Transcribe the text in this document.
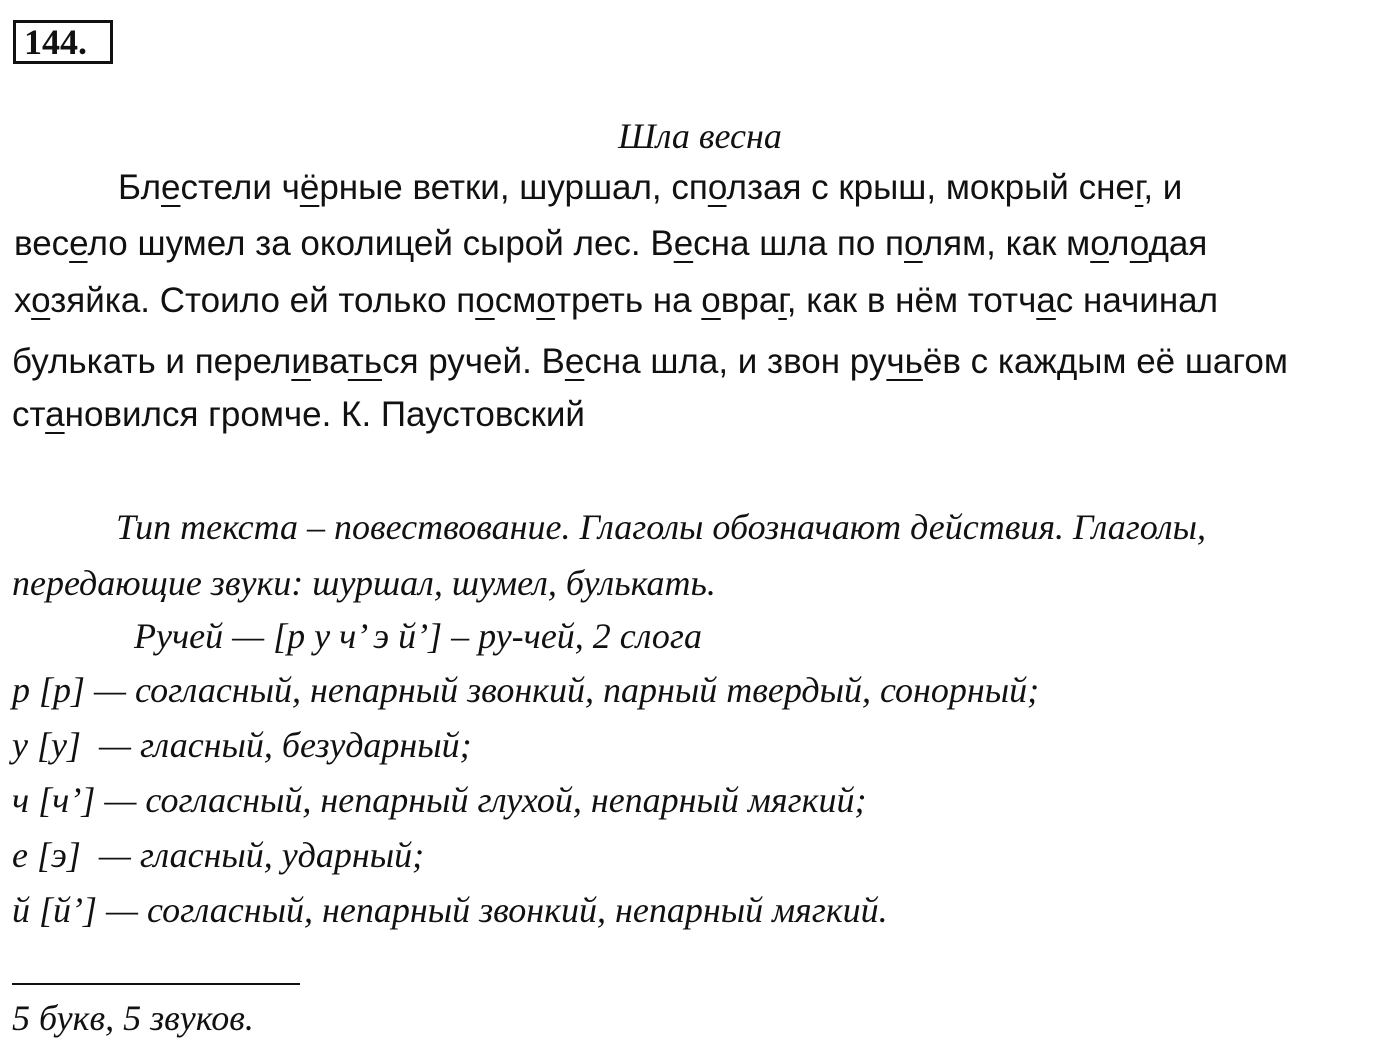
144.
Шла весна
Блестели чёрные ветки, шуршал, сползая с крыш, мокрый снег, и
весело шумел за околицей сырой лес. Весна шла по полям, как молодая
хозяйка. Стоило ей только посмотреть на овраг, как в нём тотчас начинал
булькать и переливаться ручей. Весна шла, и звон ручьёв с каждым её шагом
становился громче. К. Паустовский
Тип текста – повествование. Глаголы обозначают действия. Глаголы,
передающие звуки: шуршал, шумел, булькать.
Ручей — [р у ч’ э й’] – ру-чей, 2 слога
р [р] — согласный, непарный звонкий, парный твердый, сонорный;
у [у]  — гласный, безударный;
ч [ч’] — согласный, непарный глухой, непарный мягкий;
е [э]  — гласный, ударный;
й [й’] — согласный, непарный звонкий, непарный мягкий.
5 букв, 5 звуков.
